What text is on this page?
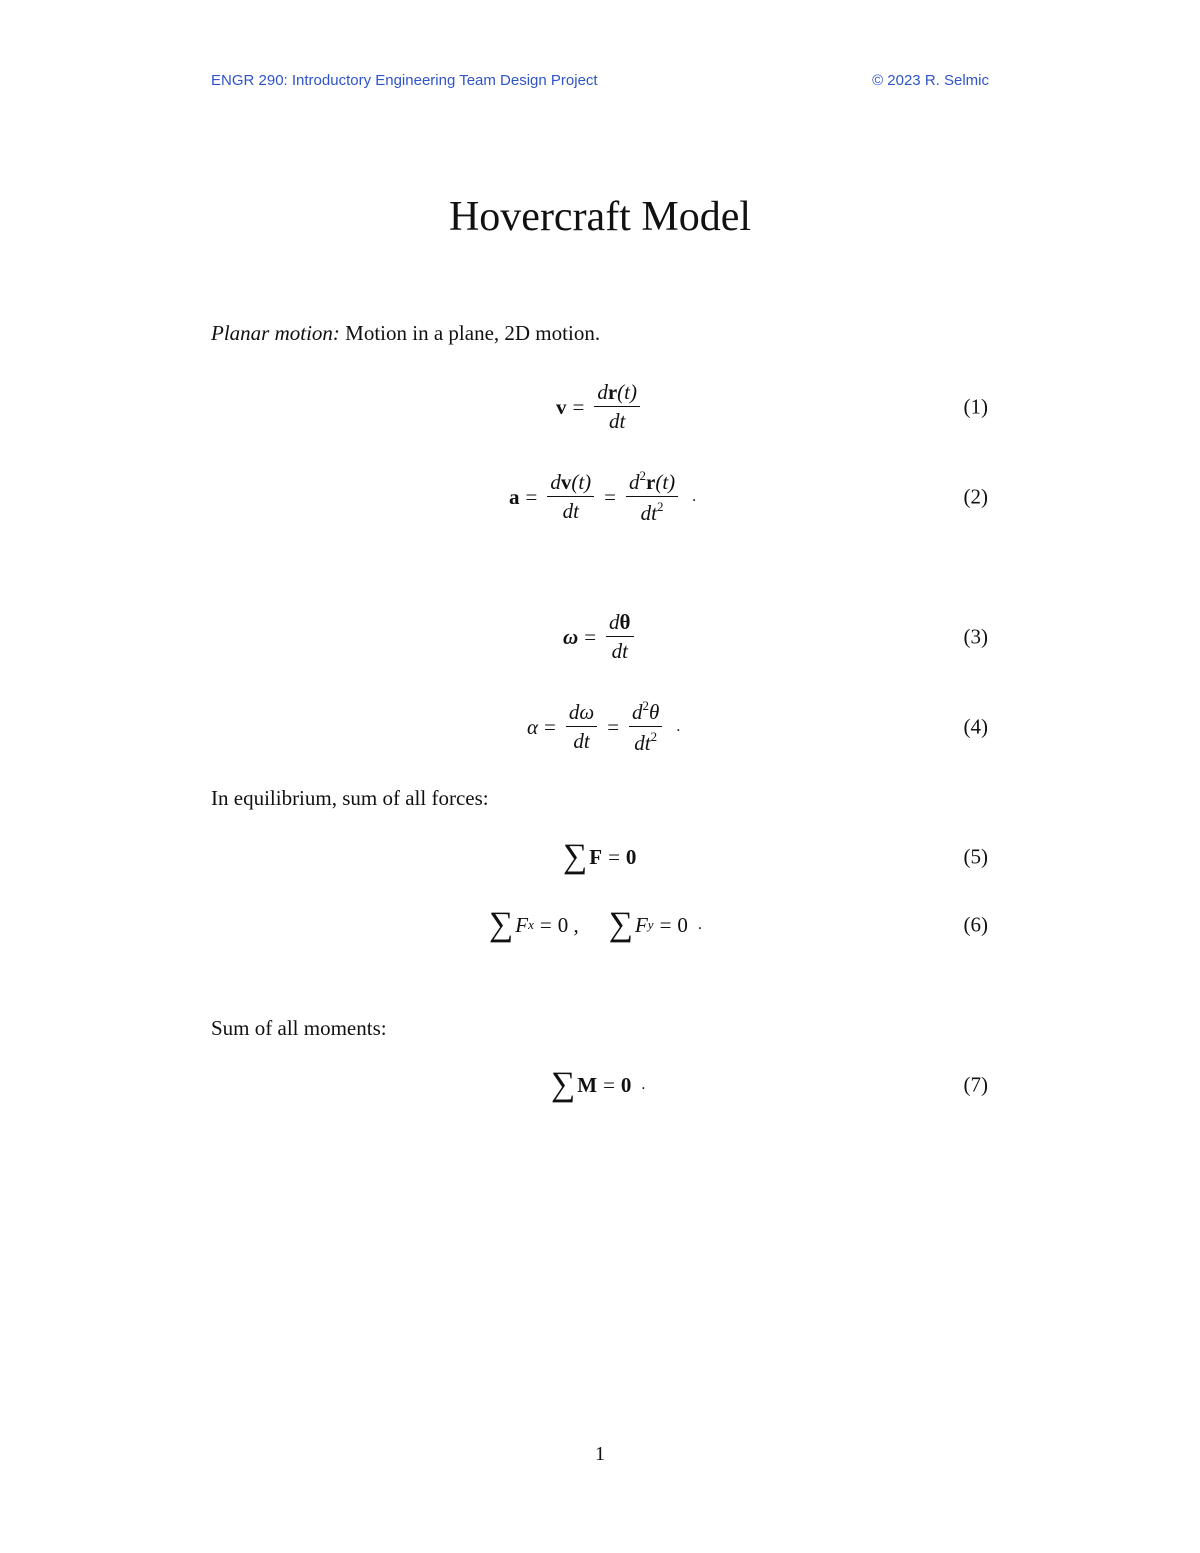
ENGR 290: Introductory Engineering Team Design Project	© 2023 R. Selmic
Hovercraft Model

Planar motion: Motion in a plane, 2D motion.

$v = \frac{dr(t)}{dt}$	(1)
$a = \frac{dv(t)}{dt} = \frac{d^2r(t)}{dt^2}$ .	(2)
$\omega = \frac{d\theta}{dt}$	(3)
$\alpha = \frac{d\omega}{dt} = \frac{d^2\theta}{dt^2}$ .	(4)

In equilibrium, sum of all forces:

∑ F = 0	(5)
∑ F x = 0 , ∑ F y = 0 .	(6)

Sum of all moments:

∑ M = 0 .	(7)
1
